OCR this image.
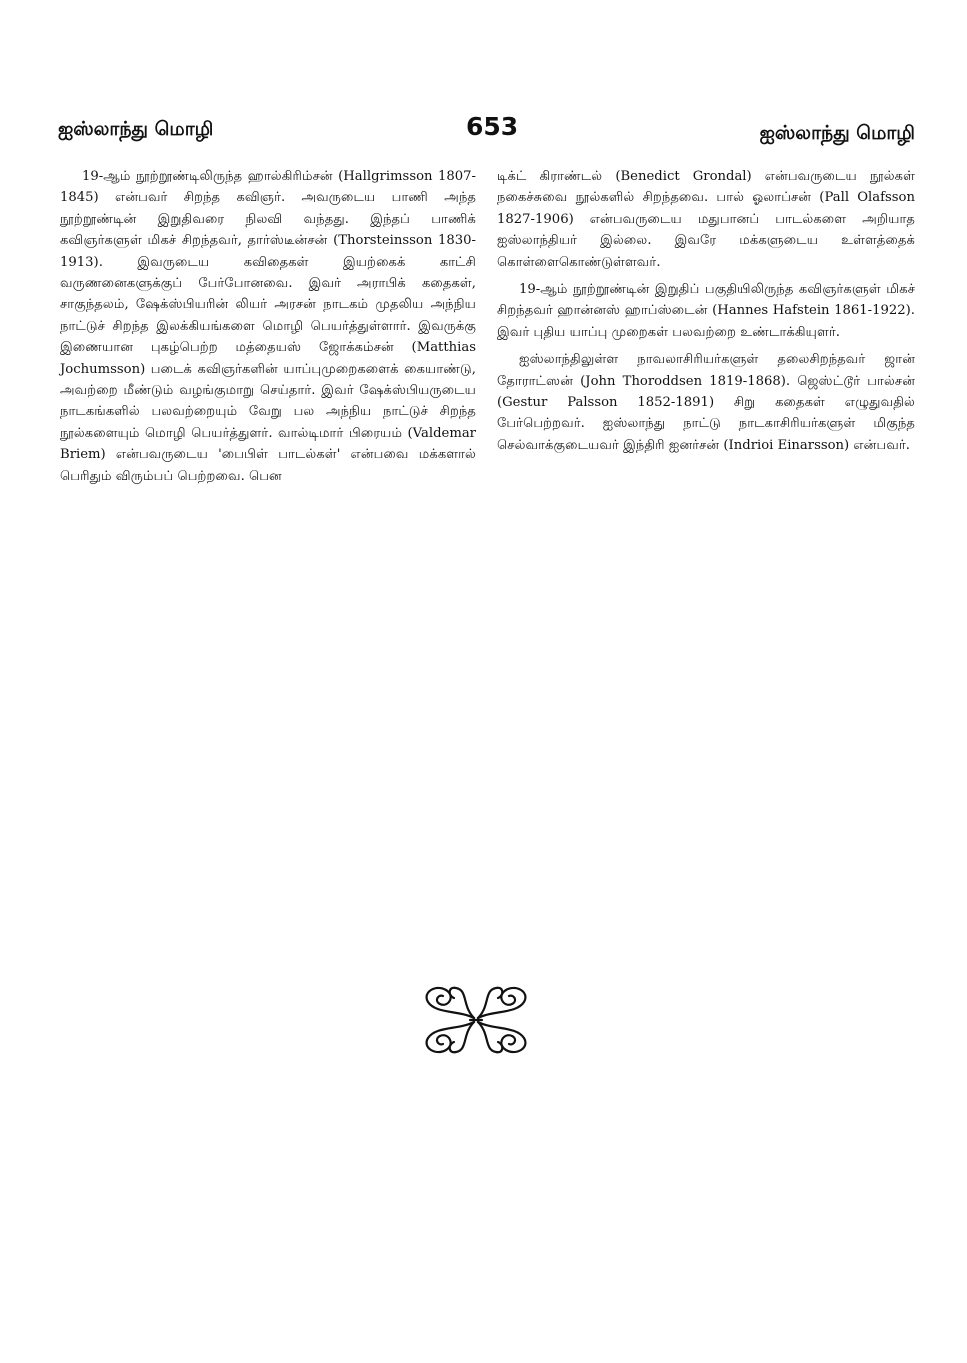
ஐஸ்லாந்து மொழி	653	ஐஸ்லாந்து மொழி

19-ஆம் நூற்றூண்டிலிருந்த ஹால்கிரிம்சன் (Hallgrimsson 1807-1845) என்பவர் சிறந்த கவிஞர். அவருடைய பாணி அந்த நூற்றூண்டின் இறுதிவரை நிலவி வந்தது. இந்தப் பாணிக் கவிஞர்களுள் மிகச் சிறந்தவர், தார்ஸ்டீன்சன் (Thorsteinsson 1830-1913). இவருடைய கவிதைகள் இயற்கைக் காட்சி வருணனைகளுக்குப் பேர்போனவை. இவர் அராபிக் கதைகள், சாகுந்தலம், ஷேக்ஸ்பியரின் லியர் அரசன் நாடகம் முதலிய அந்நிய நாட்டுச் சிறந்த இலக்கியங்களை மொழி பெயர்த்துள்ளார். இவருக்கு இணையான புகழ்பெற்ற மத்தையஸ் ஜோக்கம்சன் (Matthias Jochumsson) படைக் கவிஞர்களின் யாப்புமுறைகளைக் கையாண்டு, அவற்றை மீண்டும் வழங்குமாறு செய்தார். இவர் ஷேக்ஸ்பியருடைய நாடகங்களில் பலவற்றையும் வேறு பல அந்நிய நாட்டுச் சிறந்த நூல்களையும் மொழி பெயர்த்துளர். வால்டிமார் பிரையம் (Valdemar Briem) என்பவருடைய 'பைபிள் பாடல்கள்' என்பவை மக்களால் பெரிதும் விரும்பப் பெற்றவை. பென

டிக்ட் கிராண்டல் (Benedict Grondal) என்பவருடைய நூல்கள் நகைச்சுவை நூல்களில் சிறந்தவை. பால் ஓலாப்சன் (Pall Olafsson 1827-1906) என்பவருடைய மதுபானப் பாடல்களை அறியாத ஐஸ்லாந்தியர் இல்லை. இவரே மக்களுடைய உள்ளத்தைக் கொள்ளைகொண்டுள்ளவர்.

19-ஆம் நூற்றூண்டின் இறுதிப் பகுதியிலிருந்த கவிஞர்களுள் மிகச் சிறந்தவர் ஹான்னஸ் ஹாப்ஸ்டைன் (Hannes Hafstein 1861-1922). இவர் புதிய யாப்பு முறைகள் பலவற்றை உண்டாக்கியுளர்.

ஐஸ்லாந்திலுள்ள நாவலாசிரியர்களுள் தலைசிறந்தவர் ஜான் தோராட்ஸன் (John Thoroddsen 1819-1868). ஜெஸ்ட்டூர் பால்சன் (Gestur Palsson 1852-1891) சிறு கதைகள் எழுதுவதில் பேர்பெற்றவர். ஐஸ்லாந்து நாட்டு நாடகாசிரியர்களுள் மிகுந்த செல்வாக்குடையவர் இந்திரி ஐனர்சன் (Indrioi Einarsson) என்பவர்.
